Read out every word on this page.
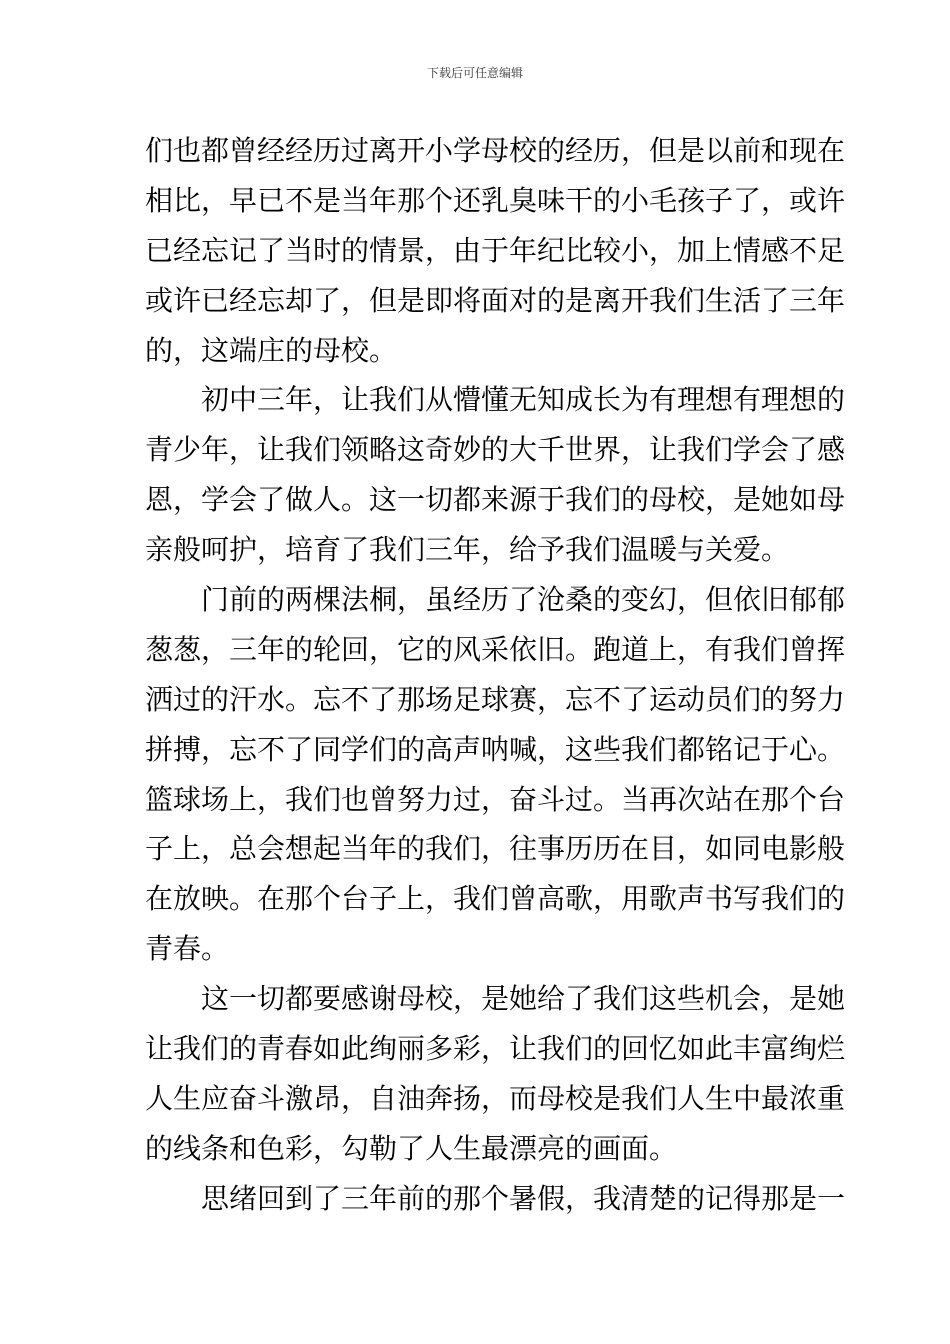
下载后可任意编辑
们也都曾经经历过离开小学母校的经历，但是以前和现在
相比，早已不是当年那个还乳臭味干的小毛孩子了，或许
已经忘记了当时的情景，由于年纪比较小，加上情感不足
或许已经忘却了，但是即将面对的是离开我们生活了三年
的，这端庄的母校。
初中三年，让我们从懵懂无知成长为有理想有理想的
青少年，让我们领略这奇妙的大千世界，让我们学会了感
恩，学会了做人。这一切都来源于我们的母校，是她如母
亲般呵护，培育了我们三年，给予我们温暖与关爱。
门前的两棵法桐，虽经历了沧桑的变幻，但依旧郁郁
葱葱，三年的轮回，它的风采依旧。跑道上，有我们曾挥
洒过的汗水。忘不了那场足球赛，忘不了运动员们的努力
拼搏，忘不了同学们的高声呐喊，这些我们都铭记于心。
篮球场上，我们也曾努力过，奋斗过。当再次站在那个台
子上，总会想起当年的我们，往事历历在目，如同电影般
在放映。在那个台子上，我们曾高歌，用歌声书写我们的
青春。
这一切都要感谢母校，是她给了我们这些机会，是她
让我们的青春如此绚丽多彩，让我们的回忆如此丰富绚烂
人生应奋斗激昂，自油奔扬，而母校是我们人生中最浓重
的线条和色彩，勾勒了人生最漂亮的画面。
思绪回到了三年前的那个暑假，我清楚的记得那是一
